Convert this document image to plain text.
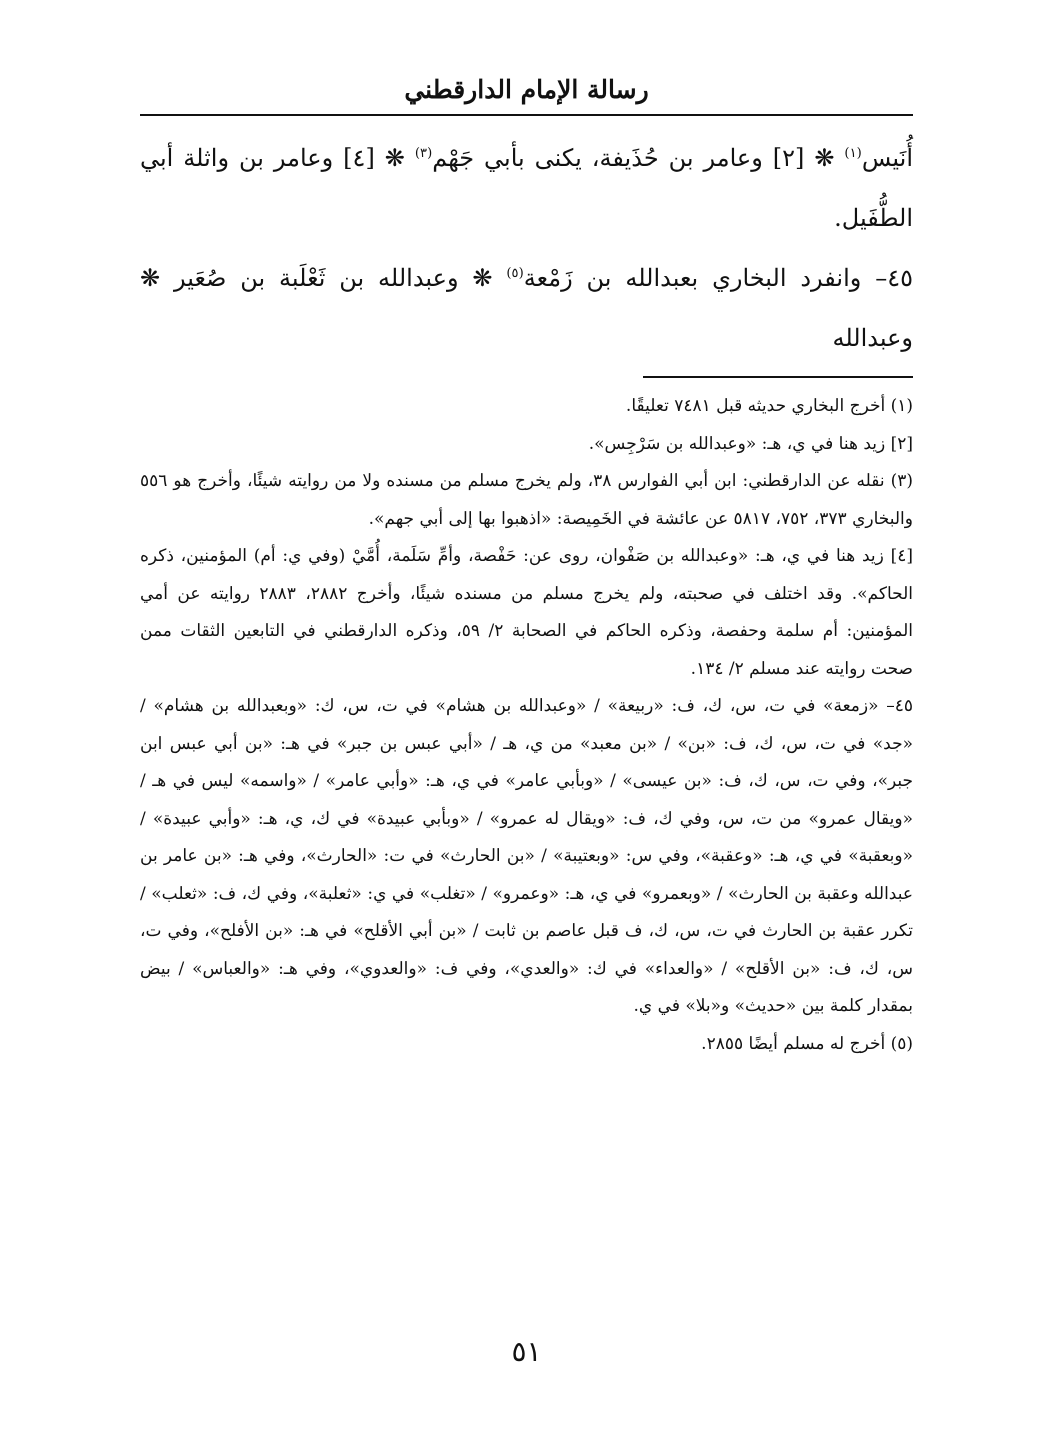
رسالة الإمام الدارقطني

أُنَيس$^{(١)}$ ❋ [٢] وعامر بن حُذَيفة، يكنى بأبي جَهْم$^{(٣)}$ ❋ [٤] وعامر بن واثلة أبي الطُّفَيل.

٤٥– وانفرد البخاري بعبدالله بن زَمْعة$^{(٥)}$ ❋ وعبدالله بن ثَعْلَبة بن صُعَير ❋ وعبدالله

(١) أخرج البخاري حديثه قبل ٧٤٨١ تعليقًا.

[٢] زيد هنا في ي، هـ: «وعبدالله بن سَرْجِس».

(٣) نقله عن الدارقطني: ابن أبي الفوارس ٣٨، ولم يخرج مسلم من مسنده ولا من روايته شيئًا، وأخرج هو ٥٥٦ والبخاري ٣٧٣، ٧٥٢، ٥٨١٧ عن عائشة في الخَمِيصة: «اذهبوا بها إلى أبي جهم».

[٤] زيد هنا في ي، هـ: «وعبدالله بن صَفْوان، روى عن: حَفْصة، وأمِّ سَلَمة، أُمَّيْ (وفي ي: أم) المؤمنين، ذكره الحاكم». وقد اختلف في صحبته، ولم يخرج مسلم من مسنده شيئًا، وأخرج ٢٨٨٢، ٢٨٨٣ روايته عن أمي المؤمنين: أم سلمة وحفصة، وذكره الحاكم في الصحابة ٢/ ٥٩، وذكره الدارقطني في التابعين الثقات ممن صحت روايته عند مسلم ٢/ ١٣٤.

٤٥– «زمعة» في ت، س، ك، ف: «ربيعة» / «وعبدالله بن هشام» في ت، س، ك: «وبعبدالله بن هشام» / «جد» في ت، س، ك، ف: «بن» / «بن معبد» من ي، هـ / «أبي عبس بن جبر» في هـ: «بن أبي عبس ابن جبر»، وفي ت، س، ك، ف: «بن عيسى» / «وبأبي عامر» في ي، هـ: «وأبي عامر» / «واسمه» ليس في هـ / «ويقال عمرو» من ت، س، وفي ك، ف: «ويقال له عمرو» / «وبأبي عبيدة» في ك، ي، هـ: «وأبي عبيدة» / «وبعقبة» في ي، هـ: «وعقبة»، وفي س: «وبعتيبة» / «بن الحارث» في ت: «الحارث»، وفي هـ: «بن عامر بن عبدالله وعقبة بن الحارث» / «وبعمرو» في ي، هـ: «وعمرو» / «تغلب» في ي: «ثعلبة»، وفي ك، ف: «ثعلب» / تكرر عقبة بن الحارث في ت، س، ك، ف قبل عاصم بن ثابت / «بن أبي الأقلح» في هـ: «بن الأفلح»، وفي ت، س، ك، ف: «بن الأقلح» / «والعداء» في ك: «والعدي»، وفي ف: «والعدوي»، وفي هـ: «والعباس» / بيض بمقدار كلمة بين «حديث» و«بلا» في ي.

(٥) أخرج له مسلم أيضًا ٢٨٥٥.

٥١
